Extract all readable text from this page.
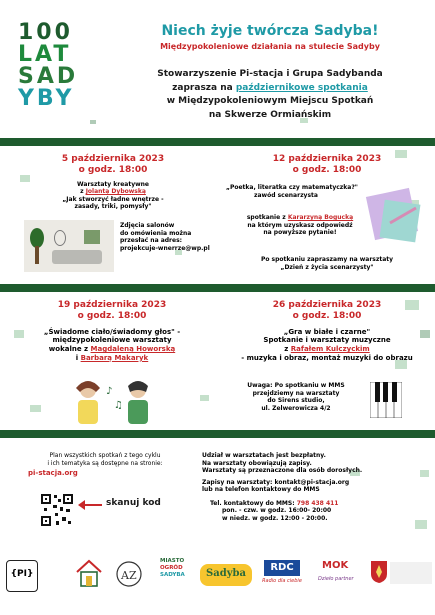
100
LAT
SAD
YBY
Niech żyje twórcza Sadyba!
Międzypokoleniowe działania na stulecie Sadyby
Stowarzyszenie Pi-stacja i Grupa Sadybanda
zaprasza na październikowe spotkania
w Międzypokoleniowym Miejscu Spotkań
na Skwerze Ormiańskim
5 października 2023
o godz. 18:00
Warsztaty kreatywne
z Jolantą Dybowską
„Jak stworzyć ładne wnętrze -
zasady, triki, pomysły"
Zdjęcia salonów
do omówienia można
przesłać na adres:
projekcuje-wnerrze@wp.pl
12 października 2023
o godz. 18:00
„Poetka, literatka czy matematyczka?"
zawód scenarzysta
spotkanie z Kararzyną Bogucką
na którym uzyskasz odpowiedź
na powyższe pytanie!
Po spotkaniu zapraszamy na warsztaty
„Dzień z życia scenarzysty"
19 października 2023
o godz. 18:00
„Świadome ciało/świadomy głos" -
międzypokoleniowe warsztaty
wokalne z Magdaleną Howorską
i Barbarą Makaryk
♪
♫
26 października 2023
o godz. 18:00
„Gra w białe i czarne"
Spotkanie i warsztaty muzyczne
z Rafałem Kulczyckim
- muzyka i obraz, montaż muzyki do obrazu
Uwaga: Po spotkaniu w MMS
przejdziemy na warsztaty
do Sirens studio,
ul. Zelwerowicza 4/2
Plan wszystkich spotkań z tego cyklu
i ich tematyka są dostępne na stronie:
pi-stacja.org
skanuj kod
Udział w warsztatach jest bezpłatny.
Na warsztaty obowiązują zapisy.
Warsztaty są przeznaczone dla osób dorosłych.
Zapisy na warsztaty: kontakt@pi-stacja.org
lub na telefon kontaktowy do MMS
Tel. kontaktowy do MMS: 798 438 411
pon. - czw. w godz. 16:00- 20:00
w niedz. w godz. 12:00 - 20:00.
{PI}	AZ
MIASTO
OGRÓD
SADYBA	Sadyba
RDC
Radio dla ciebie
MOK
Dzieło partner
